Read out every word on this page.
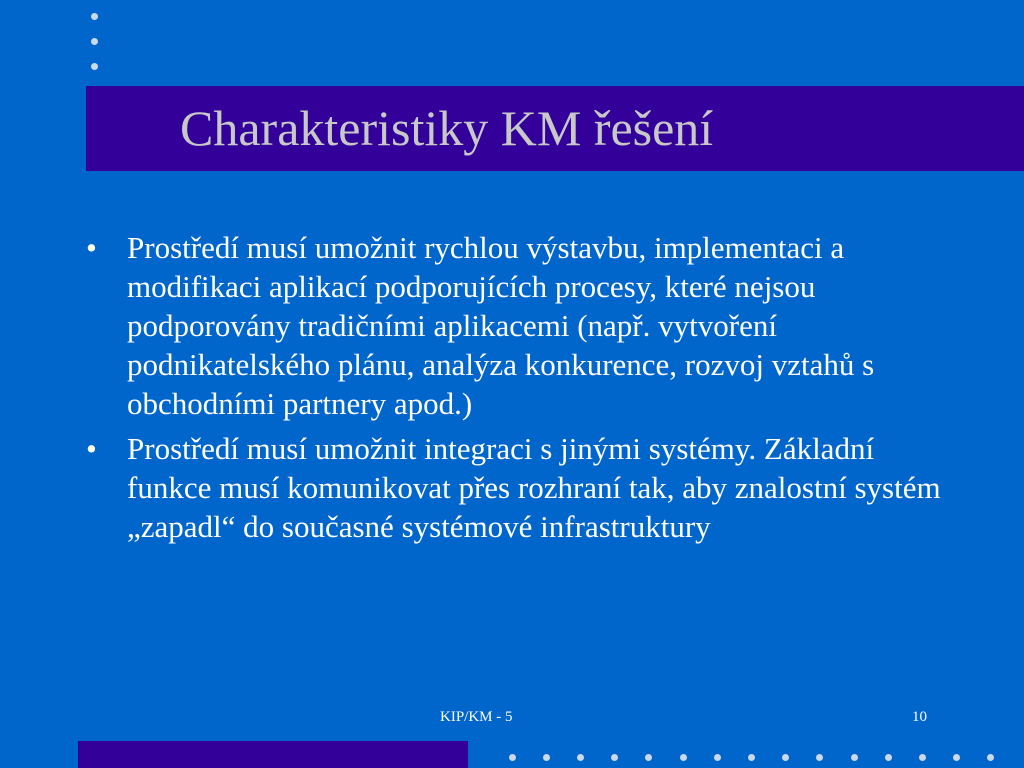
Charakteristiky KM řešení
• Prostředí musí umožnit rychlou výstavbu, implementaci a modifikaci aplikací podporujících procesy, které nejsou podporovány tradičními aplikacemi (např. vytvoření podnikatelského plánu, analýza konkurence, rozvoj vztahů s obchodními partnery apod.)
• Prostředí musí umožnit integraci s jinými systémy. Základní funkce musí komunikovat přes rozhraní tak, aby znalostní systém „zapadl“ do současné systémové infrastruktury
KIP/KM - 5	10
